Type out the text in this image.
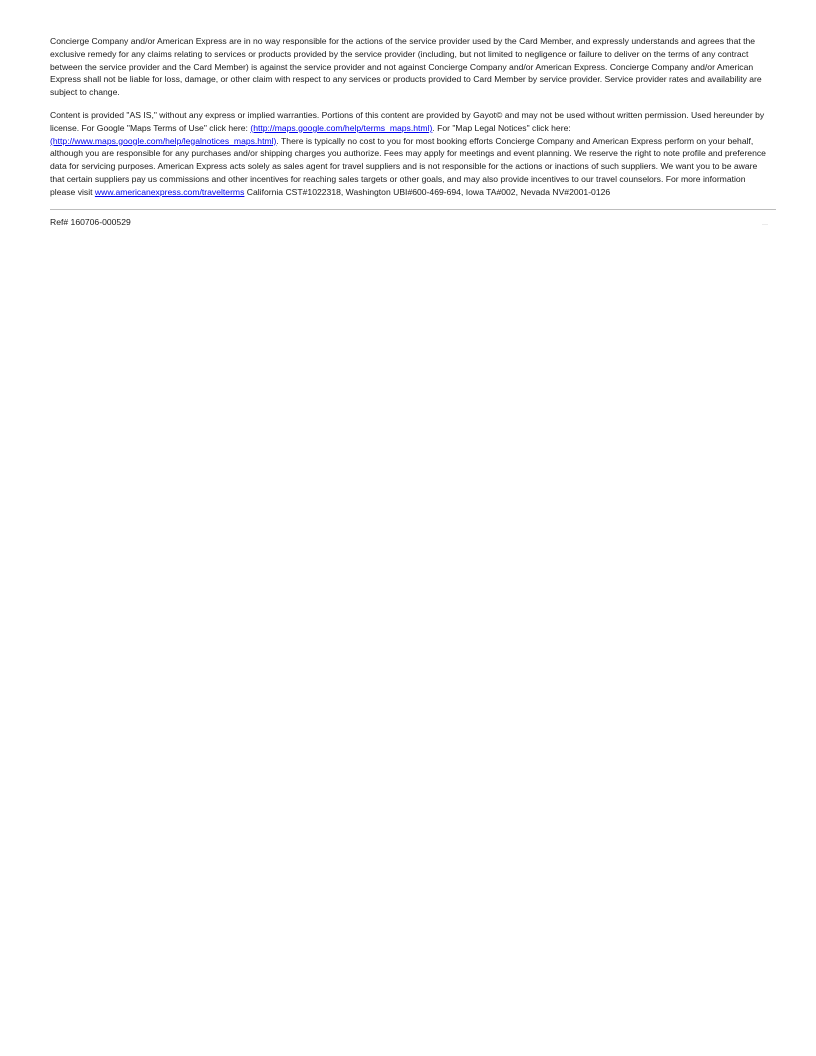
Concierge Company and/or American Express are in no way responsible for the actions of the service provider used by the Card Member, and expressly understands and agrees that the exclusive remedy for any claims relating to services or products provided by the service provider (including, but not limited to negligence or failure to deliver on the terms of any contract between the service provider and the Card Member) is against the service provider and not against Concierge Company and/or American Express. Concierge Company and/or American Express shall not be liable for loss, damage, or other claim with respect to any services or products provided to Card Member by service provider. Service provider rates and availability are subject to change.

Content is provided "AS IS," without any express or implied warranties. Portions of this content are provided by Gayot© and may not be used without written permission. Used hereunder by license. For Google "Maps Terms of Use" click here: (http://maps.google.com/help/terms_maps.html). For "Map Legal Notices" click here: (http://www.maps.google.com/help/legalnotices_maps.html). There is typically no cost to you for most booking efforts Concierge Company and American Express perform on your behalf, although you are responsible for any purchases and/or shipping charges you authorize. Fees may apply for meetings and event planning. We reserve the right to note profile and preference data for servicing purposes. American Express acts solely as sales agent for travel suppliers and is not responsible for the actions or inactions of such suppliers. We want you to be aware that certain suppliers pay us commissions and other incentives for reaching sales targets or other goals, and may also provide incentives to our travel counselors. For more information please visit www.americanexpress.com/travelterms California CST#1022318, Washington UBI#600-469-694, Iowa TA#002, Nevada NV#2001-0126

Ref# 160706-000529	——
